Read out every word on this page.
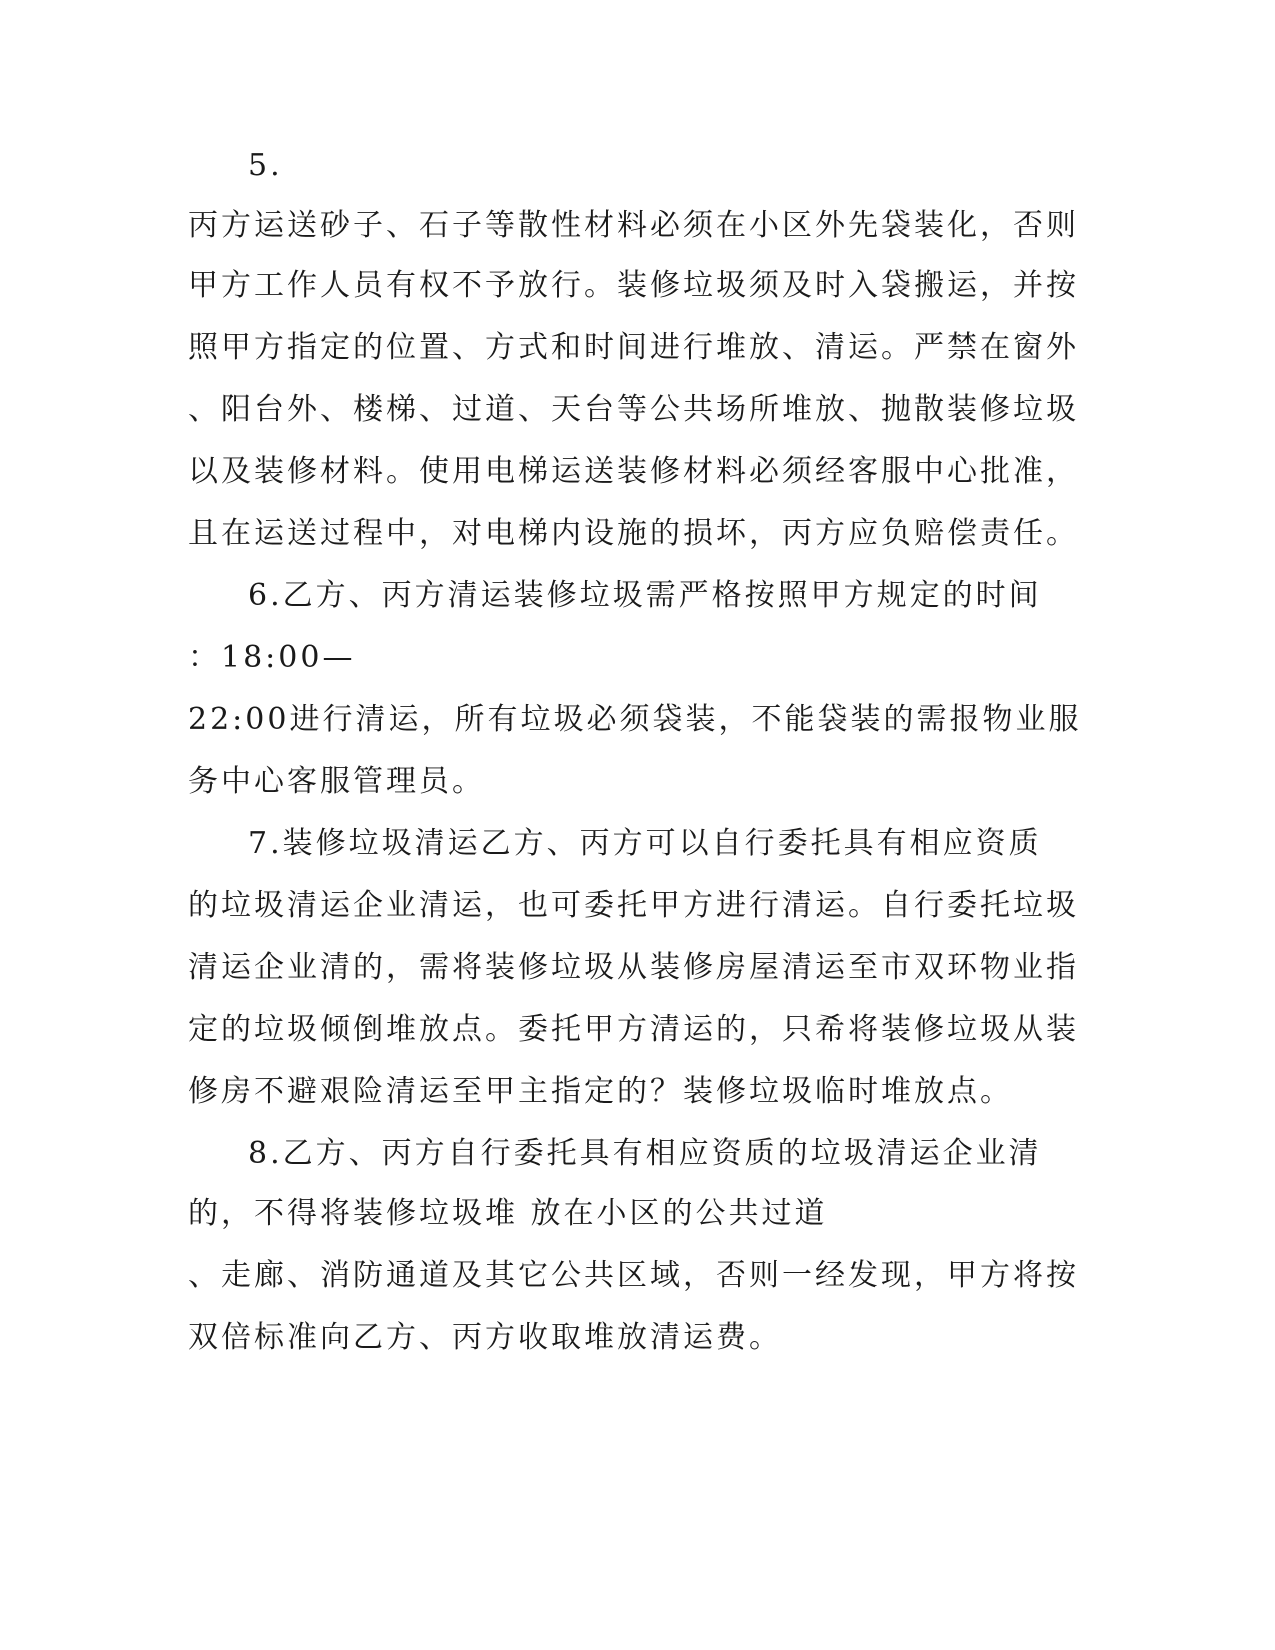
5.
丙方运送砂子、石子等散性材料必须在小区外先袋装化，否则
甲方工作人员有权不予放行。装修垃圾须及时入袋搬运，并按
照甲方指定的位置、方式和时间进行堆放、清运。严禁在窗外
、阳台外、楼梯、过道、天台等公共场所堆放、抛散装修垃圾
以及装修材料。使用电梯运送装修材料必须经客服中心批准，
且在运送过程中，对电梯内设施的损坏，丙方应负赔偿责任。
6.乙方、丙方清运装修垃圾需严格按照甲方规定的时间
：18:00—
22:00进行清运，所有垃圾必须袋装，不能袋装的需报物业服
务中心客服管理员。
7.装修垃圾清运乙方、丙方可以自行委托具有相应资质
的垃圾清运企业清运，也可委托甲方进行清运。自行委托垃圾
清运企业清的，需将装修垃圾从装修房屋清运至市双环物业指
定的垃圾倾倒堆放点。委托甲方清运的，只希将装修垃圾从装
修房不避艰险清运至甲主指定的？装修垃圾临时堆放点。
8.乙方、丙方自行委托具有相应资质的垃圾清运企业清
的，不得将装修垃圾堆 放在小区的公共过道
、走廊、消防通道及其它公共区域，否则一经发现，甲方将按
双倍标准向乙方、丙方收取堆放清运费。
